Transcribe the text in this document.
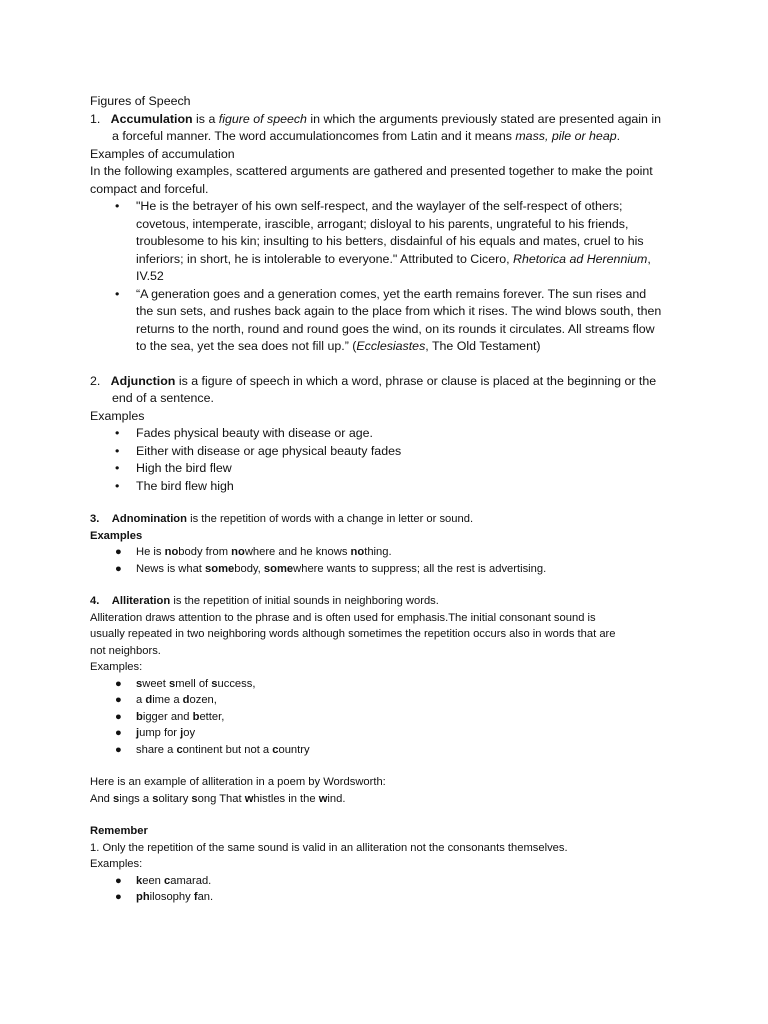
Figures of Speech
1. Accumulation is a figure of speech in which the arguments previously stated are presented again in
a forceful manner. The word accumulationcomes from Latin and it means mass, pile or heap.
Examples of accumulation
In the following examples, scattered arguments are gathered and presented together to make the point
compact and forceful.
• "He is the betrayer of his own self-respect, and the waylayer of the self-respect of others;
covetous, intemperate, irascible, arrogant; disloyal to his parents, ungrateful to his friends,
troublesome to his kin; insulting to his betters, disdainful of his equals and mates, cruel to his
inferiors; in short, he is intolerable to everyone." Attributed to Cicero, Rhetorica ad Herennium,
IV.52
• “A generation goes and a generation comes, yet the earth remains forever. The sun rises and
the sun sets, and rushes back again to the place from which it rises. The wind blows south, then
returns to the north, round and round goes the wind, on its rounds it circulates. All streams flow
to the sea, yet the sea does not fill up.” (Ecclesiastes, The Old Testament)
2. Adjunction is a figure of speech in which a word, phrase or clause is placed at the beginning or the
end of a sentence.
Examples
• Fades physical beauty with disease or age.
• Either with disease or age physical beauty fades
• High the bird flew
• The bird flew high
3. Adnomination is the repetition of words with a change in letter or sound.
Examples
● He is nobody from nowhere and he knows nothing.
● News is what somebody, somewhere wants to suppress; all the rest is advertising.
4. Alliteration is the repetition of initial sounds in neighboring words.
Alliteration draws attention to the phrase and is often used for emphasis.The initial consonant sound is
usually repeated in two neighboring words although sometimes the repetition occurs also in words that are
not neighbors.
Examples:
● sweet smell of success,
● a dime a dozen,
● bigger and better,
● jump for joy
● share a continent but not a country
Here is an example of alliteration in a poem by Wordsworth:
And sings a solitary song That whistles in the wind.
Remember
1. Only the repetition of the same sound is valid in an alliteration not the consonants themselves.
Examples:
● keen camarad.
● philosophy fan.
